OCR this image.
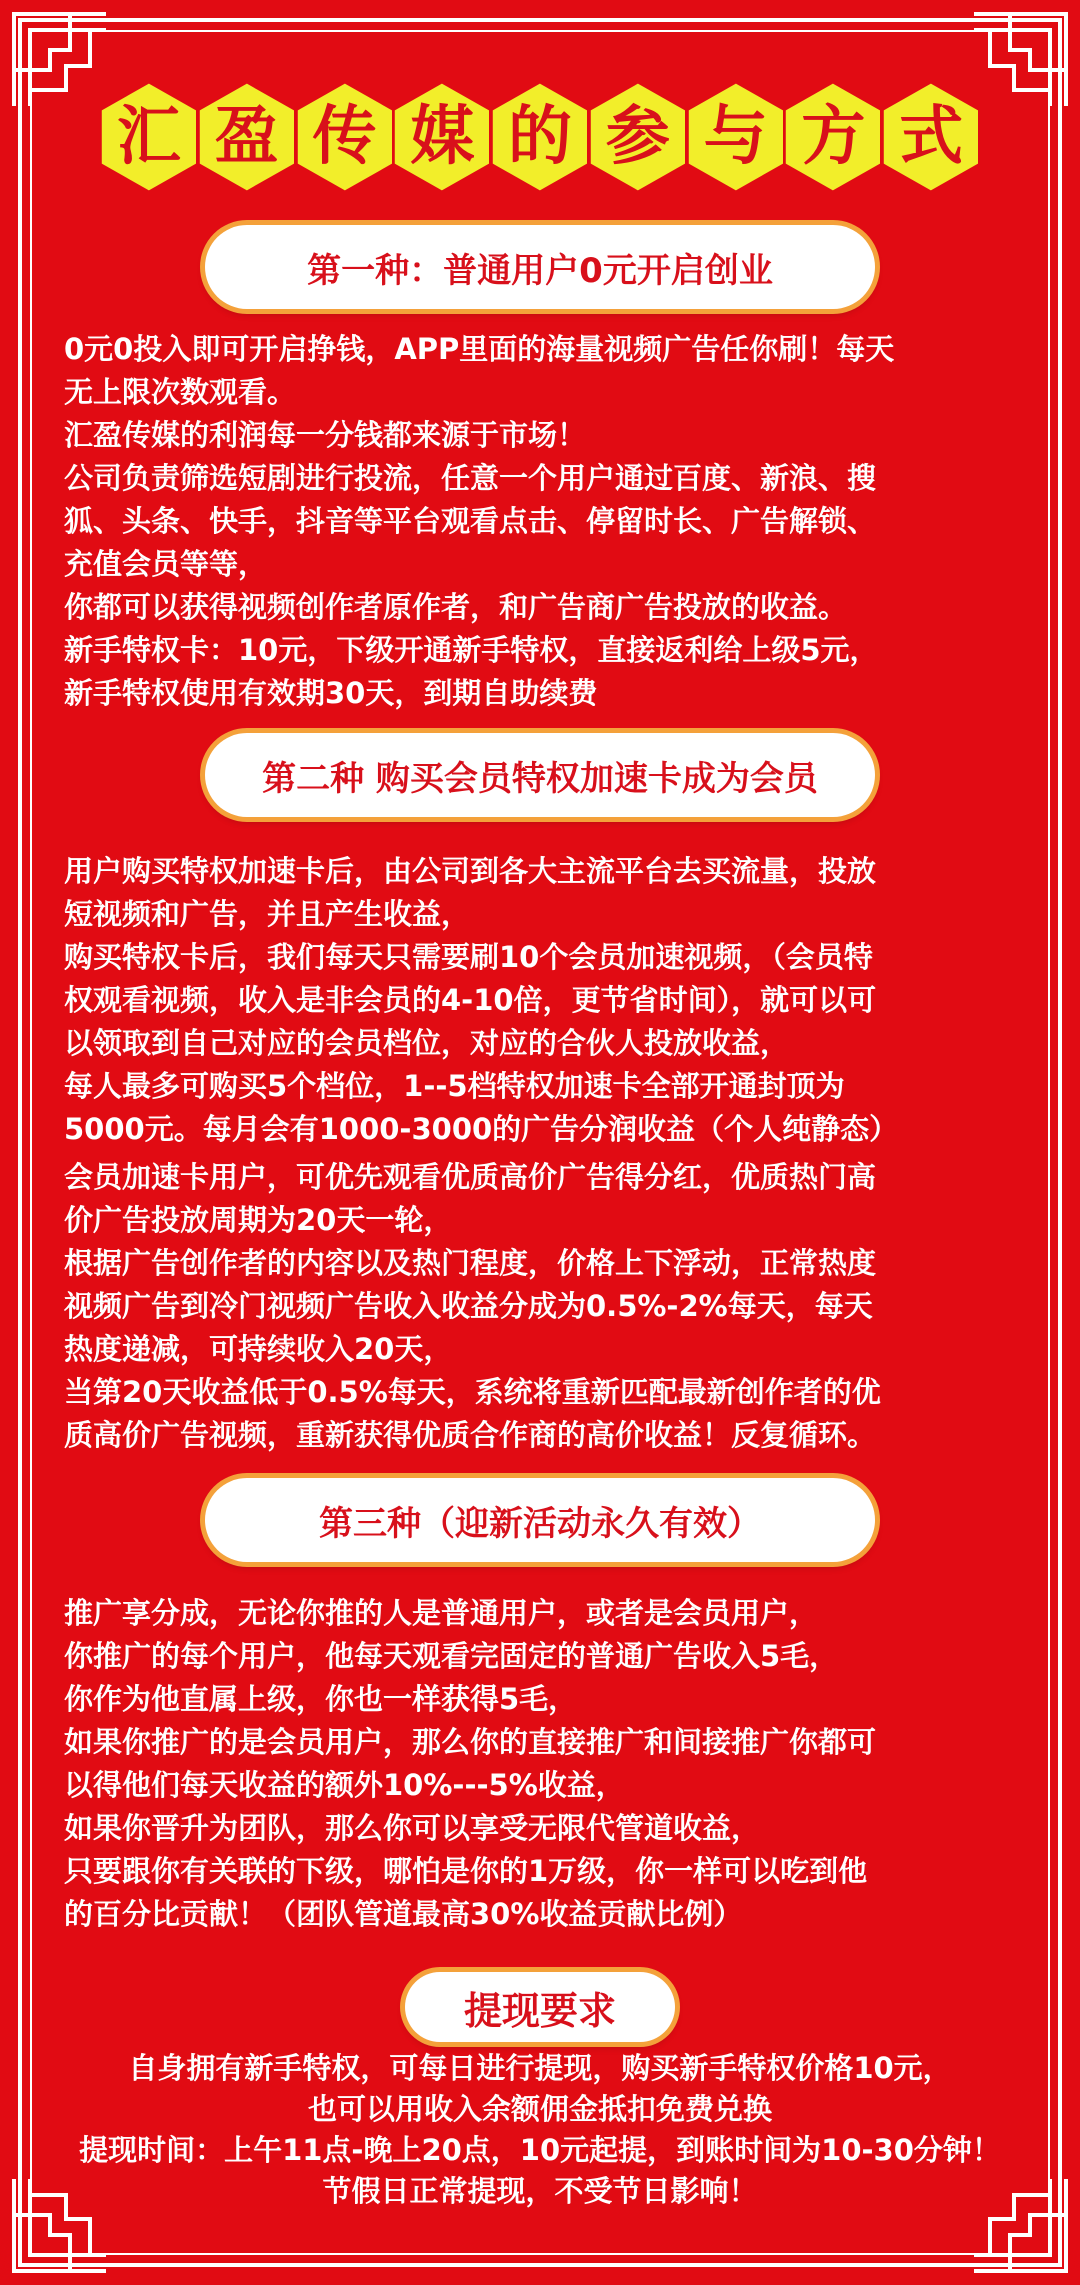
汇 盈 传 媒 的 参 与 方 式
第一种：普通用户0元开启创业

0元0投入即可开启挣钱，APP里面的海量视频广告任你刷！每天

无上限次数观看。

汇盈传媒的利润每一分钱都来源于市场！

公司负责筛选短剧进行投流，任意一个用户通过百度、新浪、搜

狐、头条、快手，抖音等平台观看点击、停留时长、广告解锁、

充值会员等等，

你都可以获得视频创作者原作者，和广告商广告投放的收益。

新手特权卡：10元，下级开通新手特权，直接返利给上级5元，

新手特权使用有效期30天，到期自助续费

第二种 购买会员特权加速卡成为会员

用户购买特权加速卡后，由公司到各大主流平台去买流量，投放

短视频和广告，并且产生收益，

购买特权卡后，我们每天只需要刷10个会员加速视频，（会员特

权观看视频，收入是非会员的4-10倍，更节省时间），就可以可

以领取到自己对应的会员档位，对应的合伙人投放收益，

每人最多可购买5个档位，1--5档特权加速卡全部开通封顶为

5000元。每月会有1000-3000的广告分润收益（个人纯静态）

会员加速卡用户，可优先观看优质高价广告得分红，优质热门高

价广告投放周期为20天一轮，

根据广告创作者的内容以及热门程度，价格上下浮动，正常热度

视频广告到冷门视频广告收入收益分成为0.5%-2%每天，每天

热度递减，可持续收入20天，

当第20天收益低于0.5%每天，系统将重新匹配最新创作者的优

质高价广告视频，重新获得优质合作商的高价收益！反复循环。

第三种（迎新活动永久有效）

推广享分成，无论你推的人是普通用户，或者是会员用户，

你推广的每个用户，他每天观看完固定的普通广告收入5毛，

你作为他直属上级，你也一样获得5毛，

如果你推广的是会员用户，那么你的直接推广和间接推广你都可

以得他们每天收益的额外10%---5%收益，

如果你晋升为团队，那么你可以享受无限代管道收益，

只要跟你有关联的下级，哪怕是你的1万级，你一样可以吃到他

的百分比贡献！（团队管道最高30%收益贡献比例）

提现要求

自身拥有新手特权，可每日进行提现，购买新手特权价格10元，

也可以用收入余额佣金抵扣免费兑换

提现时间：上午11点-晚上20点，10元起提，到账时间为10-30分钟！

节假日正常提现，不受节日影响！
